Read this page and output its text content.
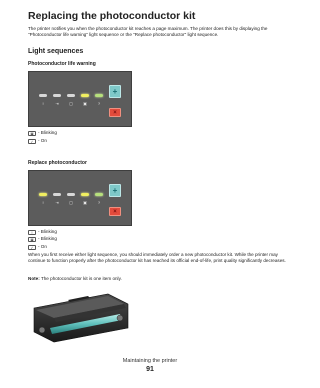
Replacing the photoconductor kit
The printer notifies you when the photoconductor kit reaches a page maximum. The printer does this by displaying the "Photoconductor life warning" light sequence or the "Replace photoconductor" light sequence.
Light sequences
Photoconductor life warning
!	⇥	▢	▣	?
+
×
▣ - Blinking
✓ - On
Replace photoconductor
!	⇥	▢	▣	?
+
×
!	- Blinking
▣ - Blinking
✓ - On
When you first receive either light sequence, you should immediately order a new photoconductor kit. While the printer may continue to function properly after the photoconductor kit has reached its official end-of-life, print quality significantly decreases.
Note: The photoconductor kit is one item only.
Maintaining the printer
91
